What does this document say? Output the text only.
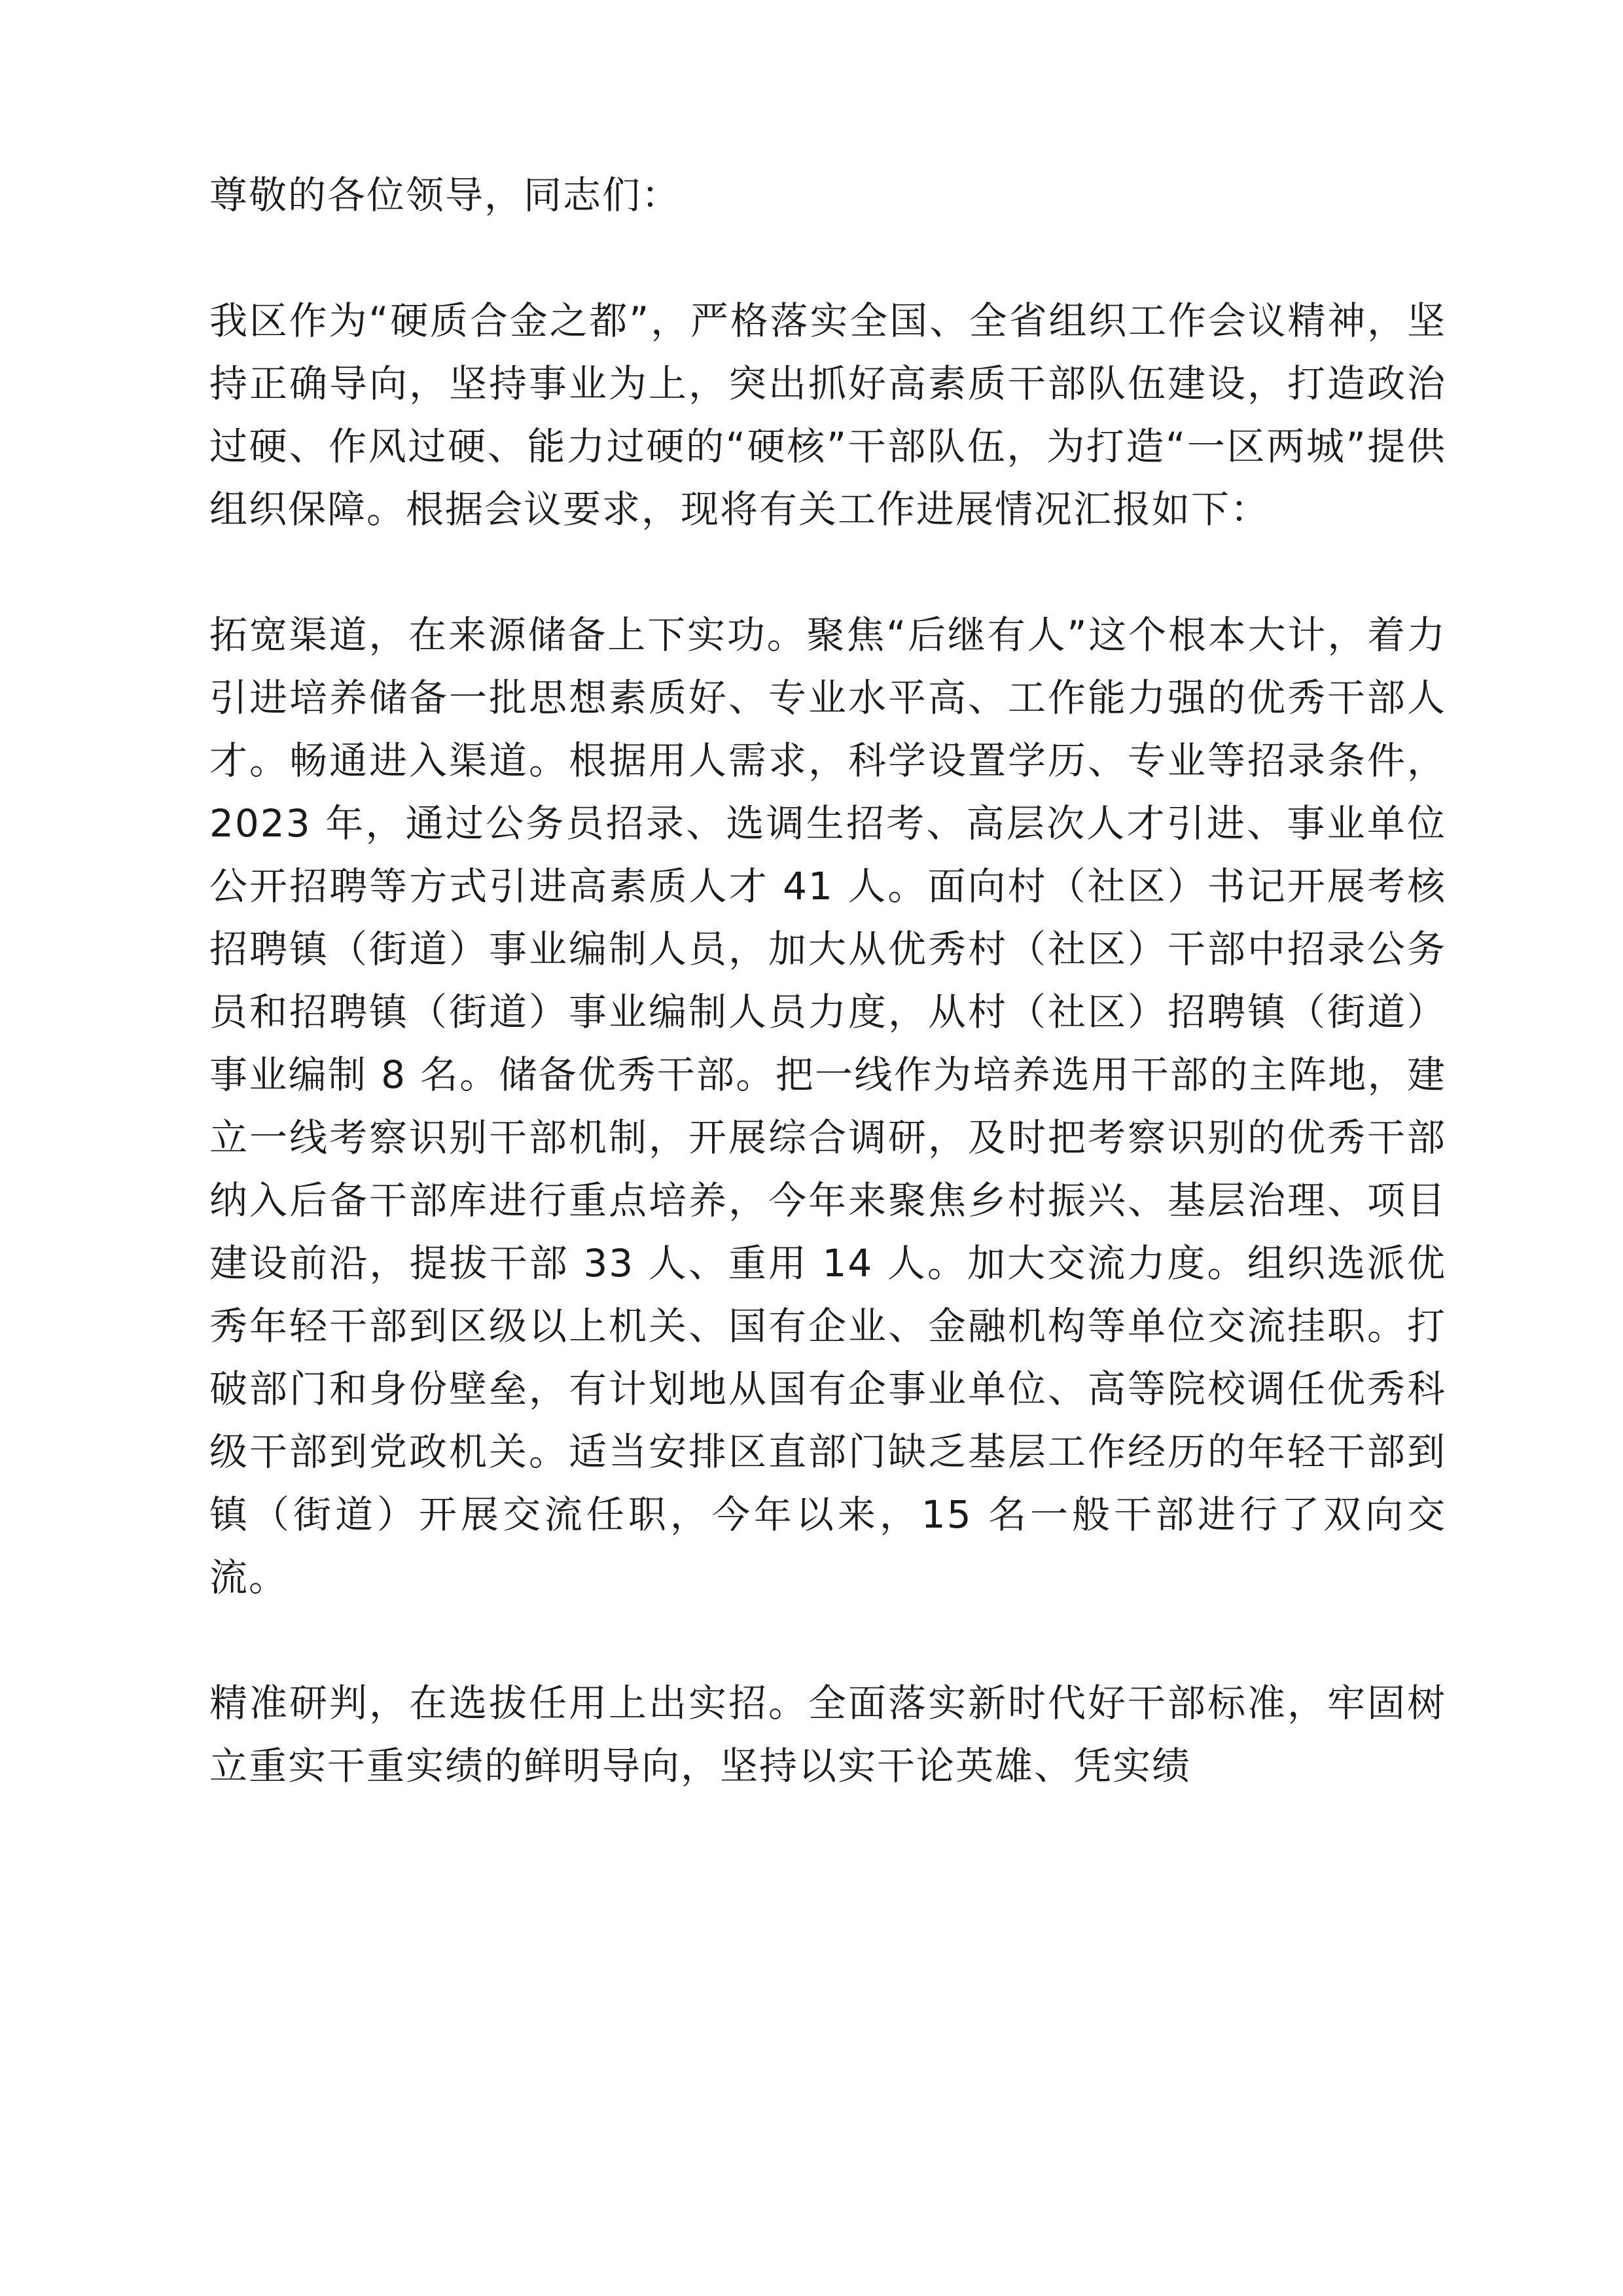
尊敬的各位领导，同志们：

我区作为“硬质合金之都”，严格落实全国、全省组织工作会议精神，坚持正确导向，坚持事业为上，突出抓好高素质干部队伍建设，打造政治过硬、作风过硬、能力过硬的“硬核”干部队伍，为打造“一区两城”提供组织保障。根据会议要求，现将有关工作进展情况汇报如下：

拓宽渠道，在来源储备上下实功。聚焦“后继有人”这个根本大计，着力引进培养储备一批思想素质好、专业水平高、工作能力强的优秀干部人才。畅通进入渠道。根据用人需求，科学设置学历、专业等招录条件，2023 年，通过公务员招录、选调生招考、高层次人才引进、事业单位公开招聘等方式引进高素质人才 41 人。面向村（社区）书记开展考核招聘镇（街道）事业编制人员，加大从优秀村（社区）干部中招录公务员和招聘镇（街道）事业编制人员力度，从村（社区）招聘镇（街道）事业编制 8 名。储备优秀干部。把一线作为培养选用干部的主阵地，建立一线考察识别干部机制，开展综合调研，及时把考察识别的优秀干部纳入后备干部库进行重点培养，今年来聚焦乡村振兴、基层治理、项目建设前沿，提拔干部 33 人、重用 14 人。加大交流力度。组织选派优秀年轻干部到区级以上机关、国有企业、金融机构等单位交流挂职。打破部门和身份壁垒，有计划地从国有企事业单位、高等院校调任优秀科级干部到党政机关。适当安排区直部门缺乏基层工作经历的年轻干部到镇（街道）开展交流任职，今年以来，15 名一般干部进行了双向交流。

精准研判，在选拔任用上出实招。全面落实新时代好干部标准，牢固树立重实干重实绩的鲜明导向，坚持以实干论英雄、凭实绩
